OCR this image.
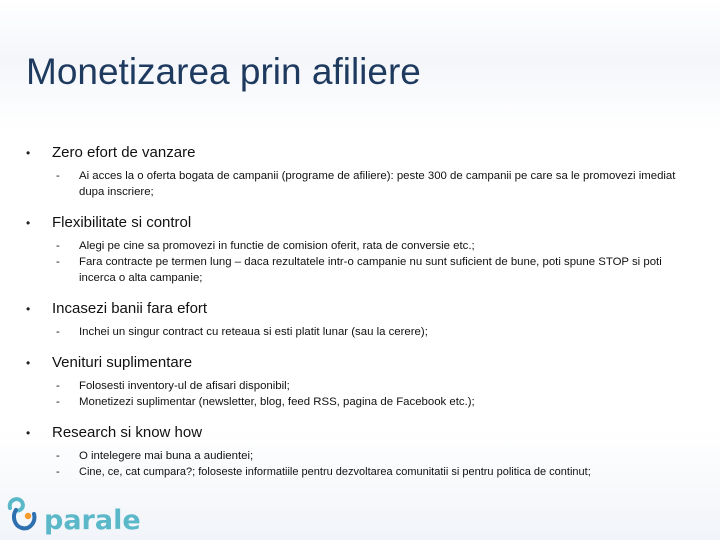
Monetizarea prin afiliere
• Zero efort de vanzare
- Ai acces la o oferta bogata de campanii (programe de afiliere): peste 300 de campanii pe care sa le promovezi imediat dupa inscriere;
• Flexibilitate si control
- Alegi pe cine sa promovezi in functie de comision oferit, rata de conversie etc.;
- Fara contracte pe termen lung – daca rezultatele intr-o campanie nu sunt suficient de bune, poti spune STOP si poti incerca o alta campanie;
• Incasezi banii fara efort
- Inchei un singur contract cu reteaua si esti platit lunar (sau la cerere);
• Venituri suplimentare
- Folosesti inventory-ul de afisari disponibil;
- Monetizezi suplimentar (newsletter, blog, feed RSS, pagina de Facebook etc.);
• Research si know how
- O intelegere mai buna a audientei;
- Cine, ce, cat cumpara?; foloseste informatiile pentru dezvoltarea comunitatii si pentru politica de continut;
parale
